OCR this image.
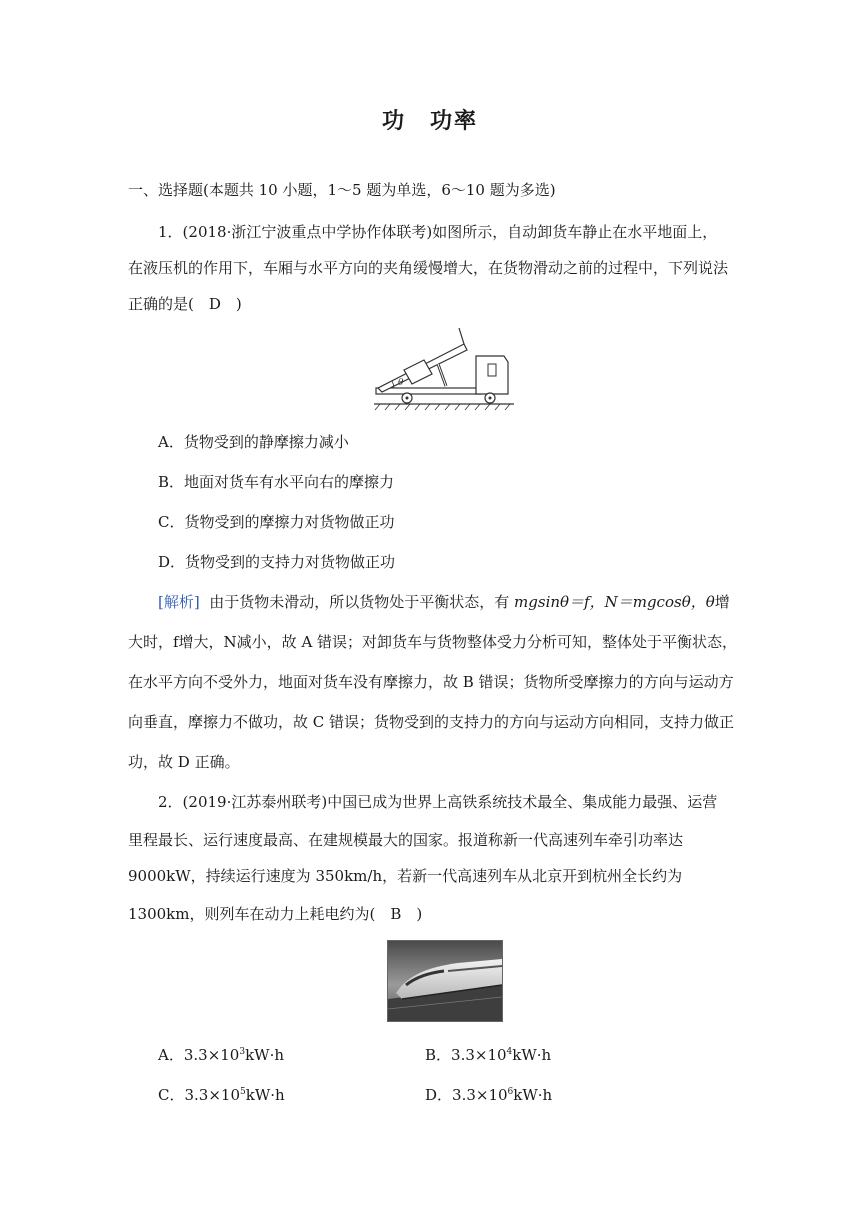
功　功率
一、选择题(本题共 10 小题，1～5 题为单选，6～10 题为多选)
1．(2018·浙江宁波重点中学协作体联考)如图所示，自动卸货车静止在水平地面上，
在液压机的作用下，车厢与水平方向的夹角缓慢增大，在货物滑动之前的过程中，下列说法
正确的是(　D　)
θ
A．货物受到的静摩擦力减小
B．地面对货车有水平向右的摩擦力
C．货物受到的摩擦力对货物做正功
D．货物受到的支持力对货物做正功
[解析] 由于货物未滑动，所以货物处于平衡状态，有 mgsinθ＝f，N＝mgcosθ，θ增
大时，f增大，N减小，故 A 错误；对卸货车与货物整体受力分析可知，整体处于平衡状态，
在水平方向不受外力，地面对货车没有摩擦力，故 B 错误；货物所受摩擦力的方向与运动方
向垂直，摩擦力不做功，故 C 错误；货物受到的支持力的方向与运动方向相同，支持力做正
功，故 D 正确。
2．(2019·江苏泰州联考)中国已成为世界上高铁系统技术最全、集成能力最强、运营
里程最长、运行速度最高、在建规模最大的国家。报道称新一代高速列车牵引功率达
9000kW，持续运行速度为 350km/h，若新一代高速列车从北京开到杭州全长约为
1300km，则列车在动力上耗电约为(　B　)
A．$3.3\times 10^3kW\cdot h$	B．$3.3\times 10^4kW\cdot h$
C．$3.3\times 10^5kW\cdot h$	D．$3.3\times 10^6kW\cdot h$
